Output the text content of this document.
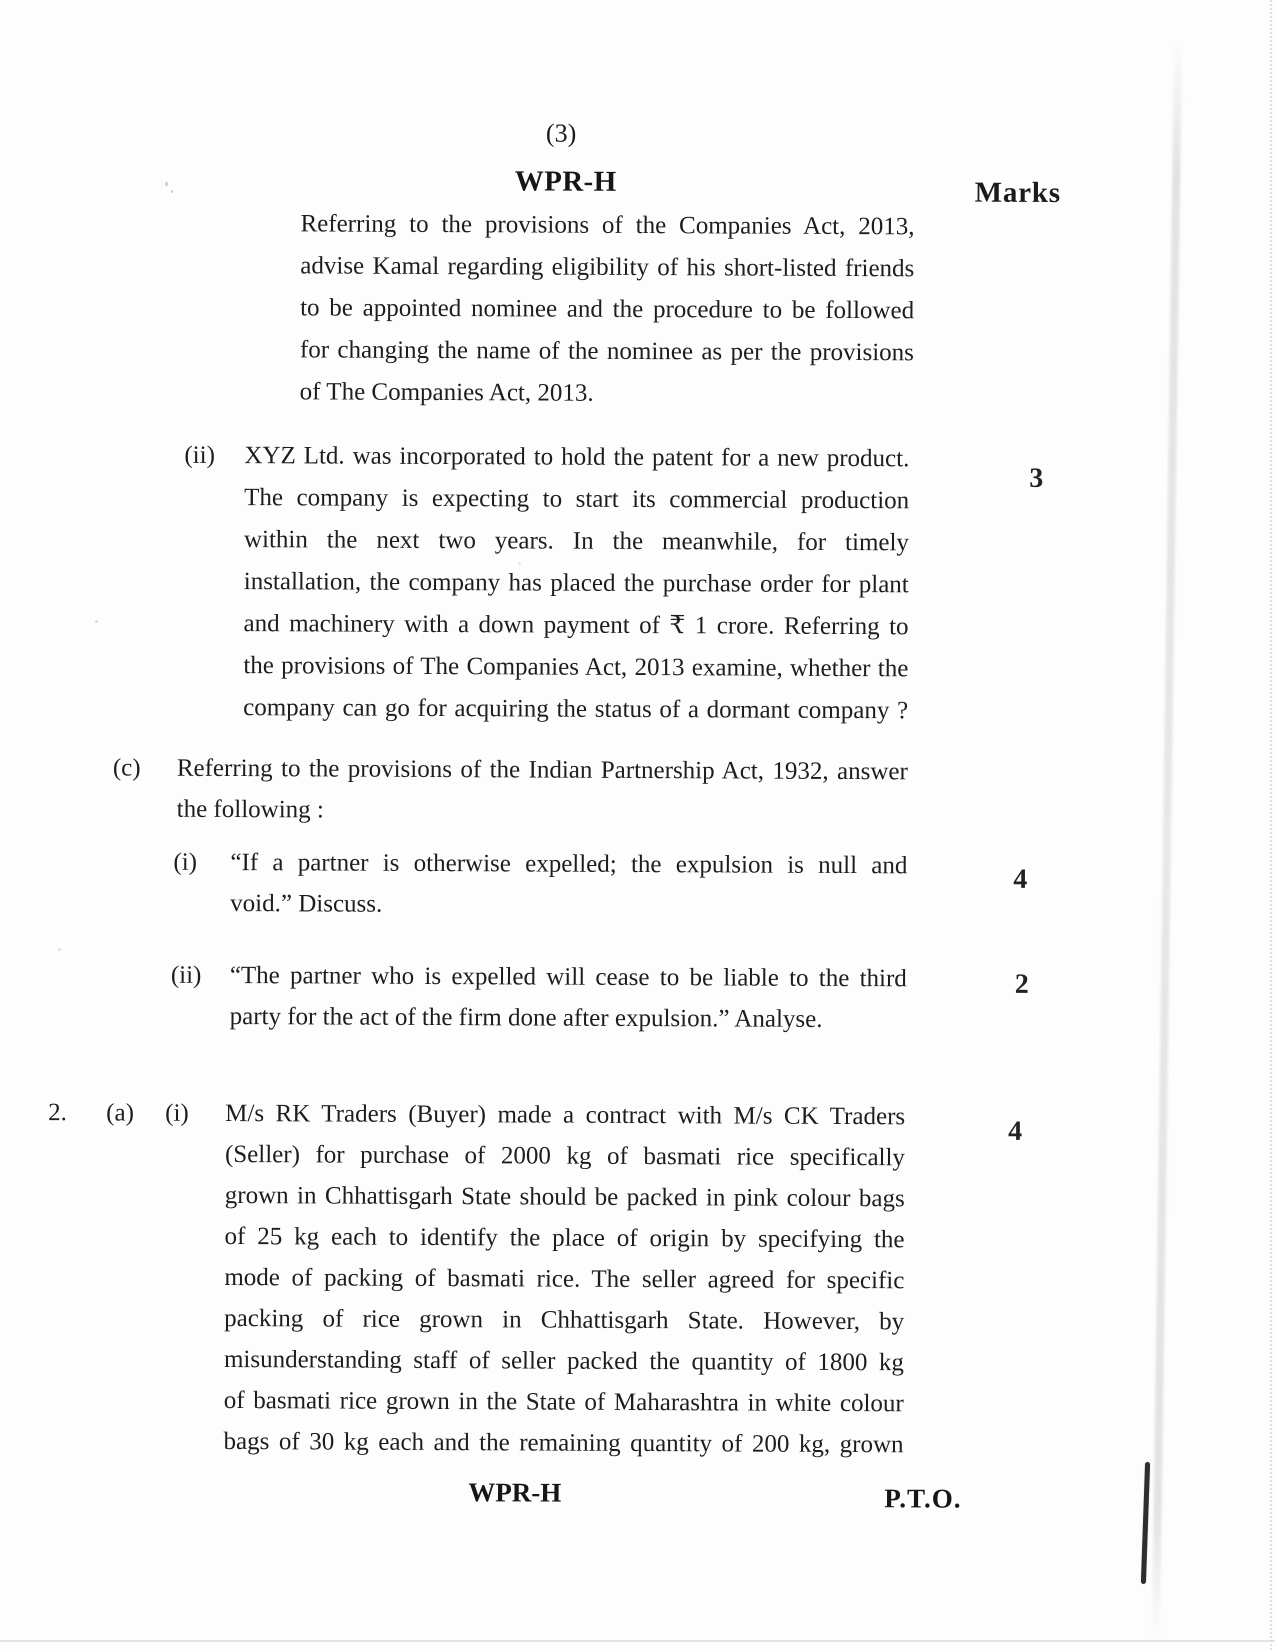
(3)
WPR-H	Marks
Referring to the provisions of the Companies Act, 2013,
advise Kamal regarding eligibility of his short-listed friends
to be appointed nominee and the procedure to be followed
for changing the name of the nominee as per the provisions
of The Companies Act, 2013.
(ii) XYZ Ltd. was incorporated to hold the patent for a new product.
The company is expecting to start its commercial production
within the next two years. In the meanwhile, for timely
installation, the company has placed the purchase order for plant
and machinery with a down payment of ₹ 1 crore. Referring to
the provisions of The Companies Act, 2013 examine, whether the
company can go for acquiring the status of a dormant company ?
3
(c) Referring to the provisions of the Indian Partnership Act, 1932, answer
the following :
(i) “If a partner is otherwise expelled; the expulsion is null and
void.” Discuss.
4
(ii) “The partner who is expelled will cease to be liable to the third
party for the act of the firm done after expulsion.” Analyse.
2
2. (a) (i) M/s RK Traders (Buyer) made a contract with M/s CK Traders
(Seller) for purchase of 2000 kg of basmati rice specifically
grown in Chhattisgarh State should be packed in pink colour bags
of 25 kg each to identify the place of origin by specifying the
mode of packing of basmati rice. The seller agreed for specific
packing of rice grown in Chhattisgarh State. However, by
misunderstanding staff of seller packed the quantity of 1800 kg
of basmati rice grown in the State of Maharashtra in white colour
bags of 30 kg each and the remaining quantity of 200 kg, grown
4
WPR-H	P.T.O.
